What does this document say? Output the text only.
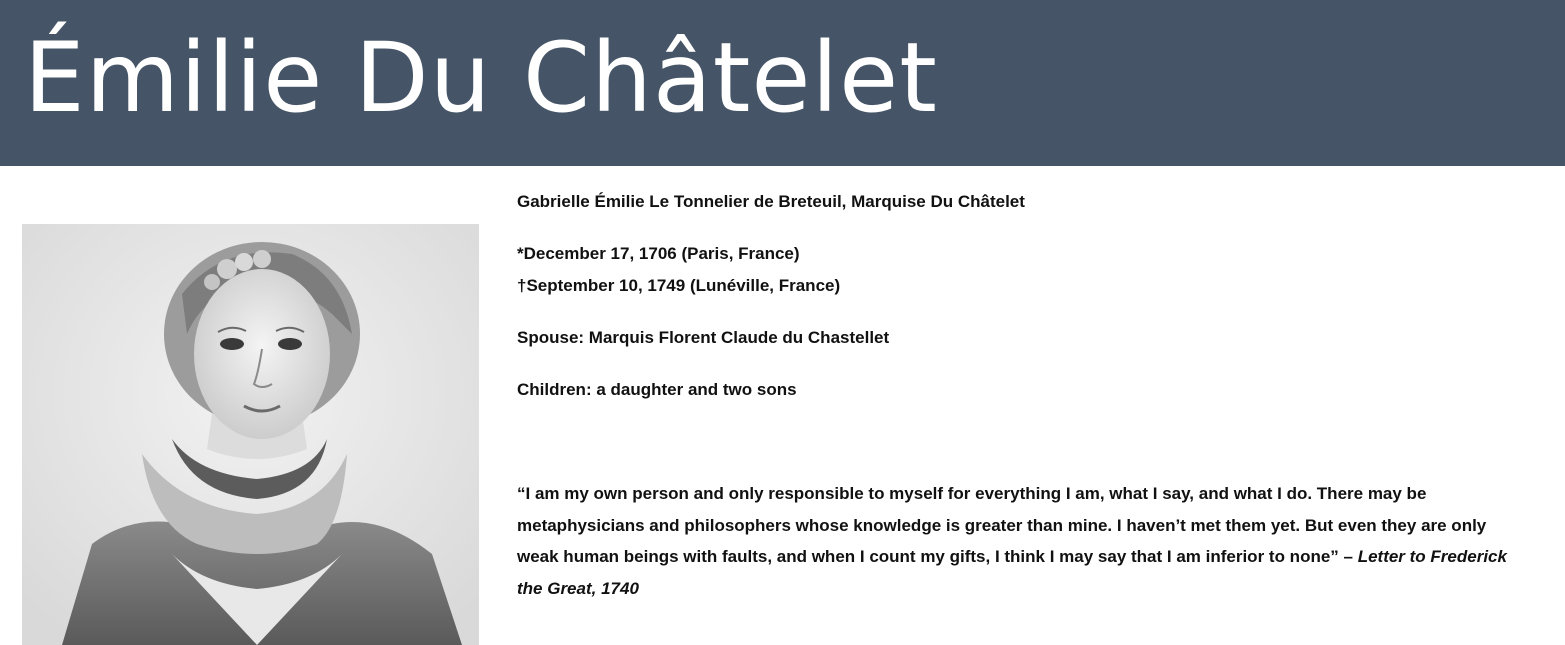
Émilie Du Châtelet

Gabrielle Émilie Le Tonnelier de Breteuil, Marquise Du Châtelet

*December 17, 1706 (Paris, France)

†September 10, 1749 (Lunéville, France)

Spouse: Marquis Florent Claude du Chastellet

Children: a daughter and two sons

“I am my own person and only responsible to myself for everything I am, what I say, and what I do. There may be metaphysicians and philosophers whose knowledge is greater than mine. I haven’t met them yet. But even they are only weak human beings with faults, and when I count my gifts, I think I may say that I am inferior to none” – Letter to Frederick the Great, 1740
